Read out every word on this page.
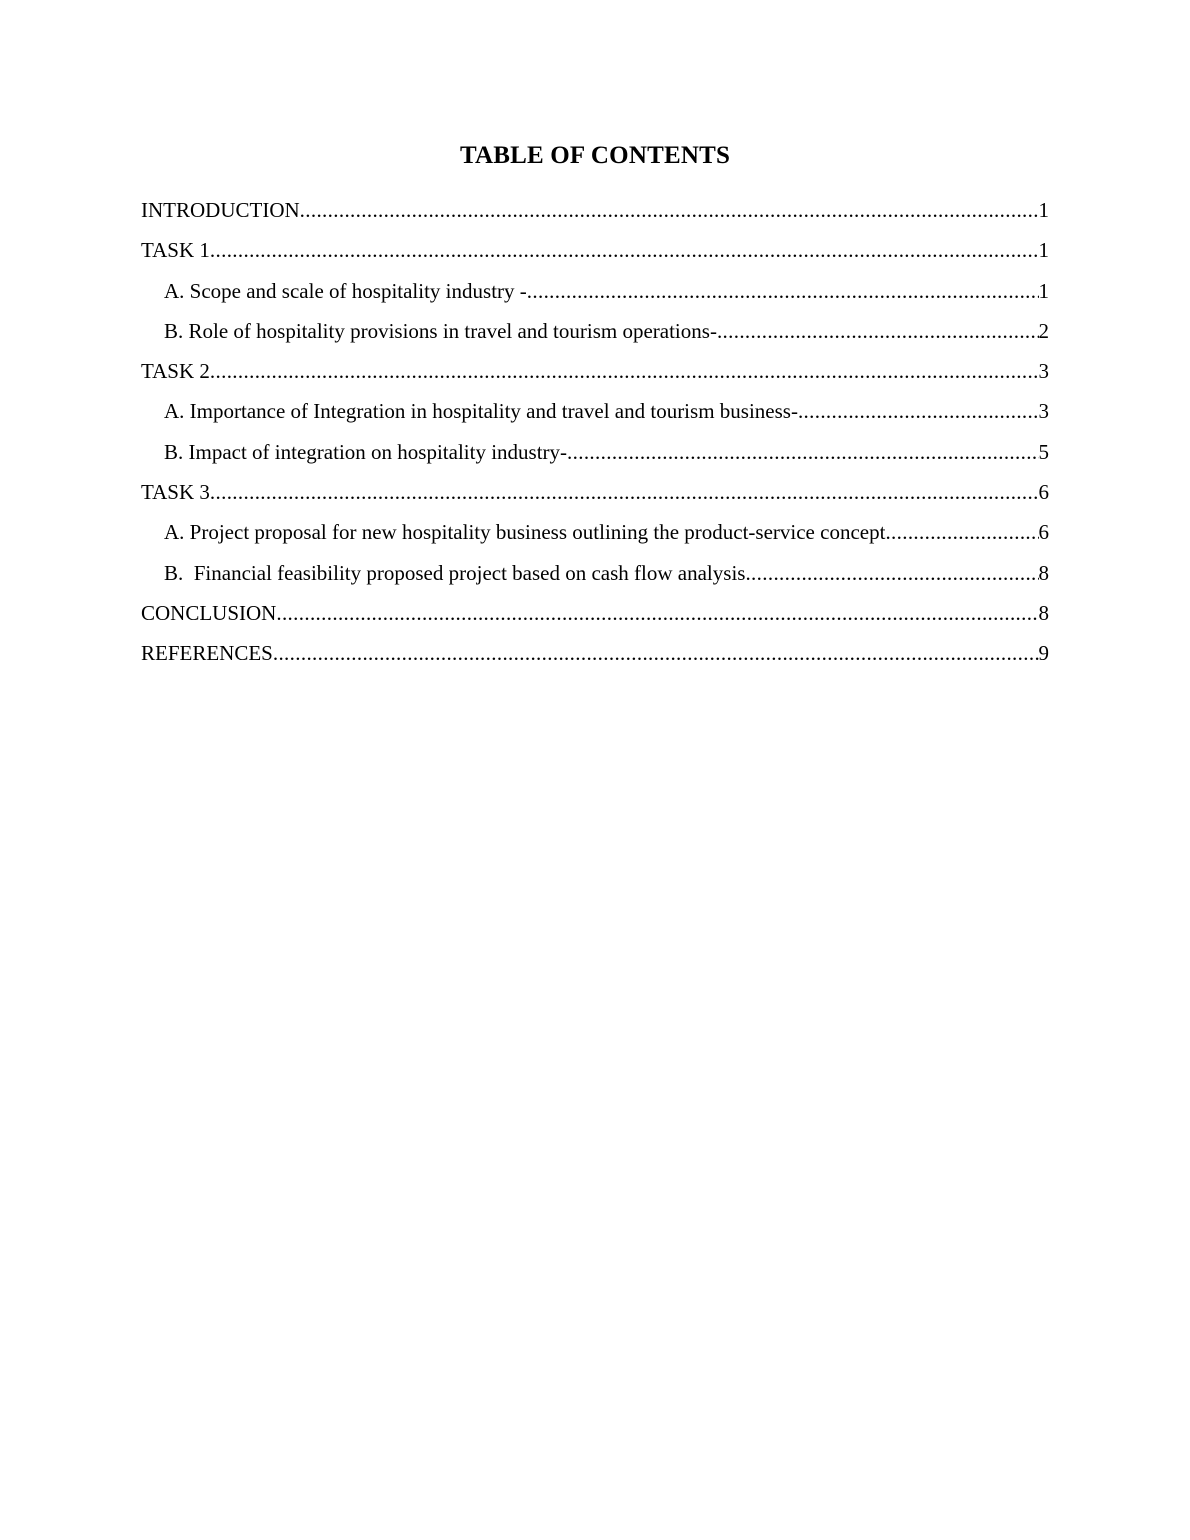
TABLE OF CONTENTS
INTRODUCTION .....	1
TASK 1 .....	1
A. Scope and scale of hospitality industry - .....	1
B. Role of hospitality provisions in travel and tourism operations- .....	2
TASK 2 .....	3
A. Importance of Integration in hospitality and travel and tourism business- .....	3
B. Impact of integration on hospitality industry- .....	5
TASK 3 .....	6
A. Project proposal for new hospitality business outlining the product-service concept .....	6
B.  Financial feasibility proposed project based on cash flow analysis .....	8
CONCLUSION .....	8
REFERENCES .....	9
